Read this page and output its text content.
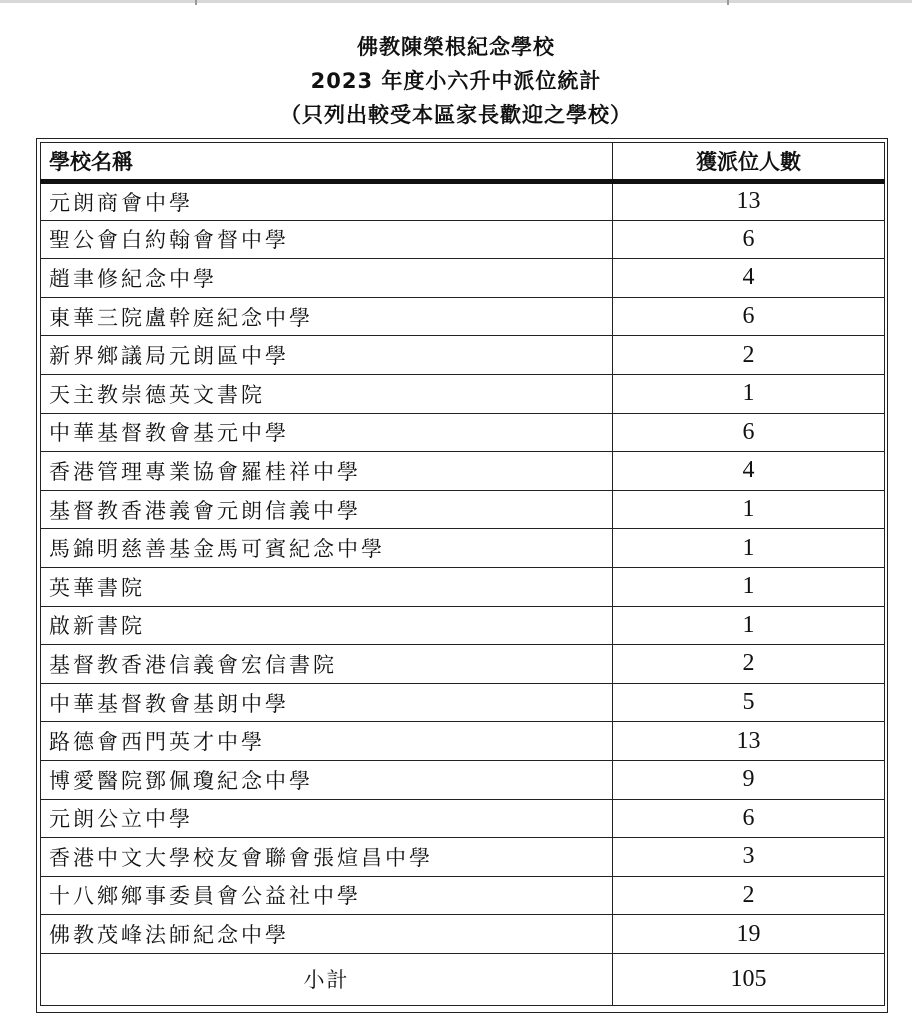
佛教陳榮根紀念學校
2023 年度小六升中派位統計
（只列出較受本區家長歡迎之學校）
學校名稱	獲派位人數
元朗商會中學	13
聖公會白約翰會督中學	6
趙聿修紀念中學	4
東華三院盧幹庭紀念中學	6
新界鄉議局元朗區中學	2
天主教崇德英文書院	1
中華基督教會基元中學	6
香港管理專業協會羅桂祥中學	4
基督教香港義會元朗信義中學	1
馬錦明慈善基金馬可賓紀念中學	1
英華書院	1
啟新書院	1
基督教香港信義會宏信書院	2
中華基督教會基朗中學	5
路德會西門英才中學	13
博愛醫院鄧佩瓊紀念中學	9
元朗公立中學	6
香港中文大學校友會聯會張煊昌中學	3
十八鄉鄉事委員會公益社中學	2
佛教茂峰法師紀念中學	19
小計	105
